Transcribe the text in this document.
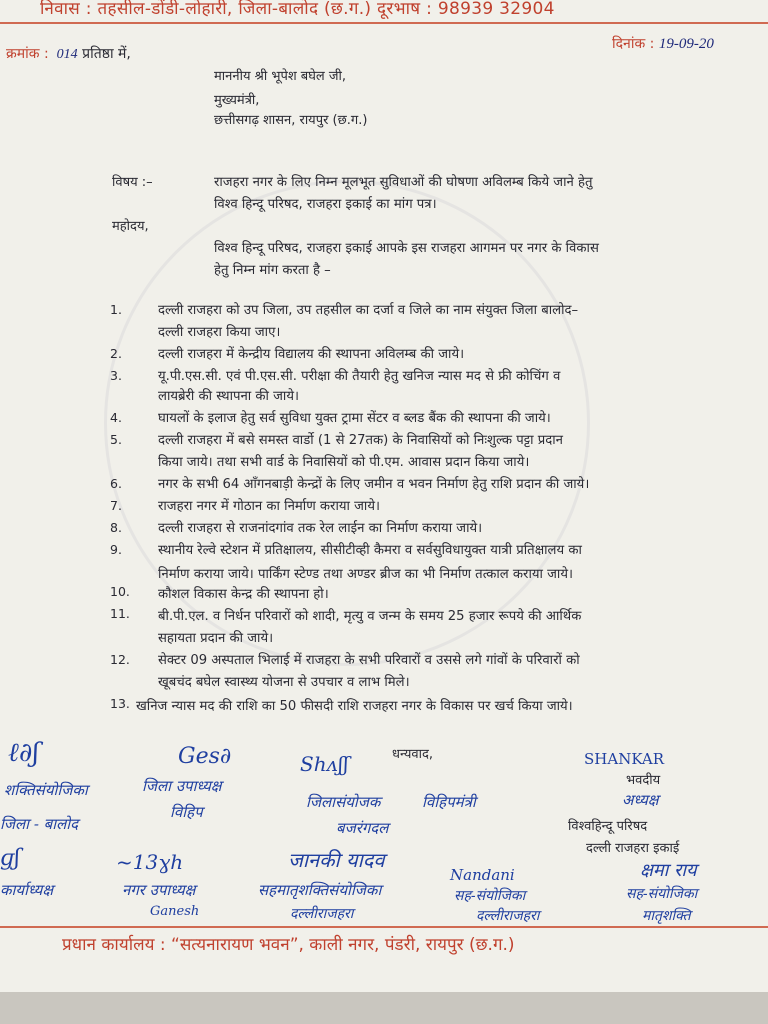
निवास : तहसील-डोंडी-लोहारी, जिला-बालोद (छ.ग.) दूरभाष : 98939 32904
क्रमांक : 014 प्रतिष्ठा में,
दिनांक : 19-09-20
माननीय श्री भूपेश बघेल जी,
मुख्यमंत्री,
छत्तीसगढ़ शासन, रायपुर (छ.ग.)
विषय :–	राजहरा नगर के लिए निम्न मूलभूत सुविधाओं की घोषणा अविलम्ब किये जाने हेतु
विश्व हिन्दू परिषद, राजहरा इकाई का मांग पत्र।
महोदय,
विश्व हिन्दू परिषद, राजहरा इकाई आपके इस राजहरा आगमन पर नगर के विकास
हेतु निम्न मांग करता है –
1.	दल्ली राजहरा को उप जिला, उप तहसील का दर्जा व जिले का नाम संयुक्त जिला बालोद–
दल्ली राजहरा किया जाए।
2.	दल्ली राजहरा में केन्द्रीय विद्यालय की स्थापना अविलम्ब की जाये।
3.	यू.पी.एस.सी. एवं पी.एस.सी. परीक्षा की तैयारी हेतु खनिज न्यास मद से फ्री कोचिंग व
लायब्रेरी की स्थापना की जाये।
4.	घायलों के इलाज हेतु सर्व सुविधा युक्त ट्रामा सेंटर व ब्लड बैंक की स्थापना की जाये।
5.	दल्ली राजहरा में बसे समस्त वार्डो (1 से 27तक) के निवासियों को निःशुल्क पट्टा प्रदान
किया जाये। तथा सभी वार्ड के निवासियों को पी.एम. आवास प्रदान किया जाये।
6.	नगर के सभी 64 आँगनबाड़ी केन्द्रों के लिए जमीन व भवन निर्माण हेतु राशि प्रदान की जाये।
7.	राजहरा नगर में गोठान का निर्माण कराया जाये।
8.	दल्ली राजहरा से राजनांदगांव तक रेल लाईन का निर्माण कराया जाये।
9.	स्थानीय रेल्वे स्टेशन में प्रतिक्षालय, सीसीटीव्ही कैमरा व सर्वसुविधायुक्त यात्री प्रतिक्षालय का
निर्माण कराया जाये। पार्किंग स्टेण्ड तथा अण्डर ब्रीज का भी निर्माण तत्काल कराया जाये।
10. कौशल विकास केन्द्र की स्थापना हो।
11. बी.पी.एल. व निर्धन परिवारों को शादी, मृत्यु व जन्म के समय 25 हजार रूपये की आर्थिक
सहायता प्रदान की जाये।
12. सेक्टर 09 अस्पताल भिलाई में राजहरा के सभी परिवारों व उससे लगे गांवों के परिवारों को
खूबचंद बघेल स्वास्थ्य योजना से उपचार व लाभ मिले।
13. खनिज न्यास मद की राशि का 50 फीसदी राशि राजहरा नगर के विकास पर खर्च किया जाये।
ℓ∂ʃ
शक्तिसंयोजिका
जिला - बालोद
Ges∂
जिला उपाध्यक्ष
विहिप
धन्यवाद,
Shᴧʃʃ
जिलासंयोजक
बजरंगदल
विहिपमंत्री
SHANKAR
भवदीय
अध्यक्ष
विश्वहिन्दू परिषद
दल्ली राजहरा इकाई
ɡʃ
कार्याध्यक्ष
~13ɣh
नगर उपाध्यक्ष
Ganesh
जानकी यादव
सहमातृशक्तिसंयोजिका
दल्लीराजहरा
Nandani
सह-संयोजिका
दल्लीराजहरा
क्षमा राय
सह-संयोजिका
मातृशक्ति
प्रधान कार्यालय : “सत्यनारायण भवन”, काली नगर, पंडरी, रायपुर (छ.ग.)
